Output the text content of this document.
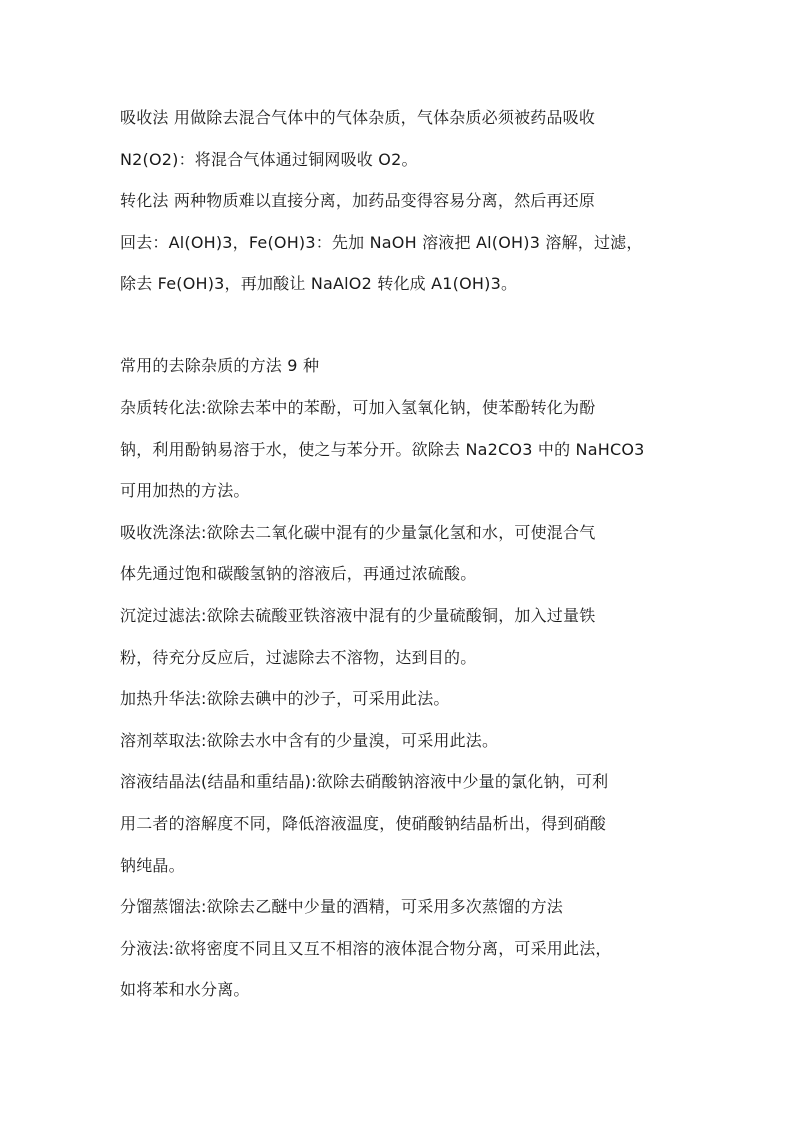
吸收法 用做除去混合气体中的气体杂质，气体杂质必须被药品吸收
N2(O2)：将混合气体通过铜网吸收 O2。
转化法 两种物质难以直接分离，加药品变得容易分离，然后再还原
回去：Al(OH)3，Fe(OH)3：先加 NaOH 溶液把 Al(OH)3 溶解，过滤，
除去 Fe(OH)3，再加酸让 NaAlO2 转化成 A1(OH)3。
常用的去除杂质的方法 9 种
杂质转化法:欲除去苯中的苯酚，可加入氢氧化钠，使苯酚转化为酚
钠，利用酚钠易溶于水，使之与苯分开。欲除去 Na2CO3 中的 NaHCO3
可用加热的方法。
吸收洗涤法:欲除去二氧化碳中混有的少量氯化氢和水，可使混合气
体先通过饱和碳酸氢钠的溶液后，再通过浓硫酸。
沉淀过滤法:欲除去硫酸亚铁溶液中混有的少量硫酸铜，加入过量铁
粉，待充分反应后，过滤除去不溶物，达到目的。
加热升华法:欲除去碘中的沙子，可采用此法。
溶剂萃取法:欲除去水中含有的少量溴，可采用此法。
溶液结晶法(结晶和重结晶):欲除去硝酸钠溶液中少量的氯化钠，可利
用二者的溶解度不同，降低溶液温度，使硝酸钠结晶析出，得到硝酸
钠纯晶。
分馏蒸馏法:欲除去乙醚中少量的酒精，可采用多次蒸馏的方法
分液法:欲将密度不同且又互不相溶的液体混合物分离，可采用此法，
如将苯和水分离。
